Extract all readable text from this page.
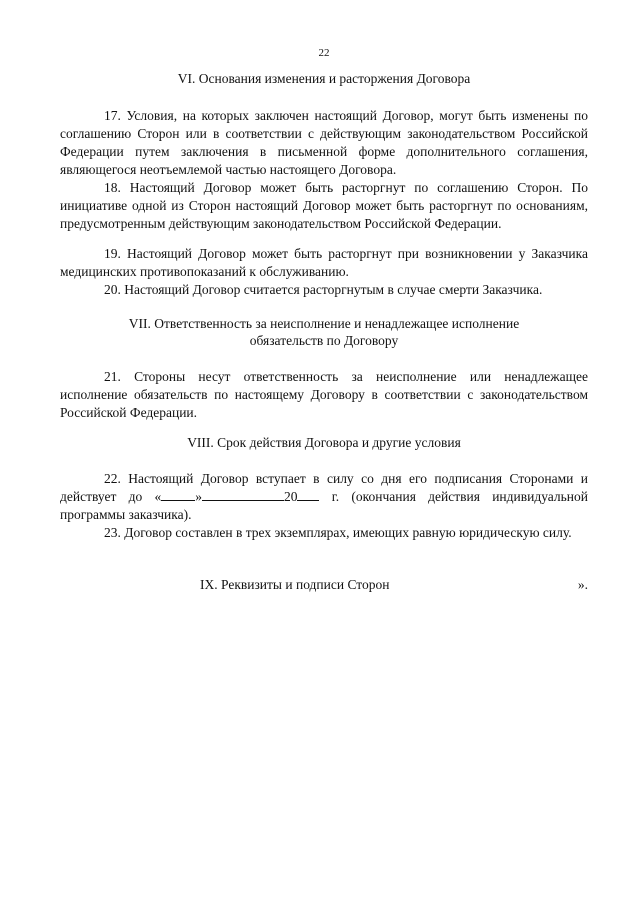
22
VI. Основания изменения и расторжения Договора

17. Условия, на которых заключен настоящий Договор, могут быть изменены по соглашению Сторон или в соответствии с действующим законодательством Российской Федерации путем заключения в письменной форме дополнительного соглашения, являющегося неотъемлемой частью настоящего Договора.

18. Настоящий Договор может быть расторгнут по соглашению Сторон. По инициативе одной из Сторон настоящий Договор может быть расторгнут по основаниям, предусмотренным действующим законодательством Российской Федерации.

19. Настоящий Договор может быть расторгнут при возникновении у Заказчика медицинских противопоказаний к обслуживанию.

20. Настоящий Договор считается расторгнутым в случае смерти Заказчика.

VII. Ответственность за неисполнение и ненадлежащее исполнение
обязательств по Договору

21. Стороны несут ответственность за неисполнение или ненадлежащее исполнение обязательств по настоящему Договору в соответствии с законодательством Российской Федерации.

VIII. Срок действия Договора и другие условия

22. Настоящий Договор вступает в силу со дня его подписания Сторонами и действует до «	»	20 г. (окончания действия индивидуальной программы заказчика).

23. Договор составлен в трех экземплярах, имеющих равную юридическую силу.

IX. Реквизиты и подписи Сторон	».
